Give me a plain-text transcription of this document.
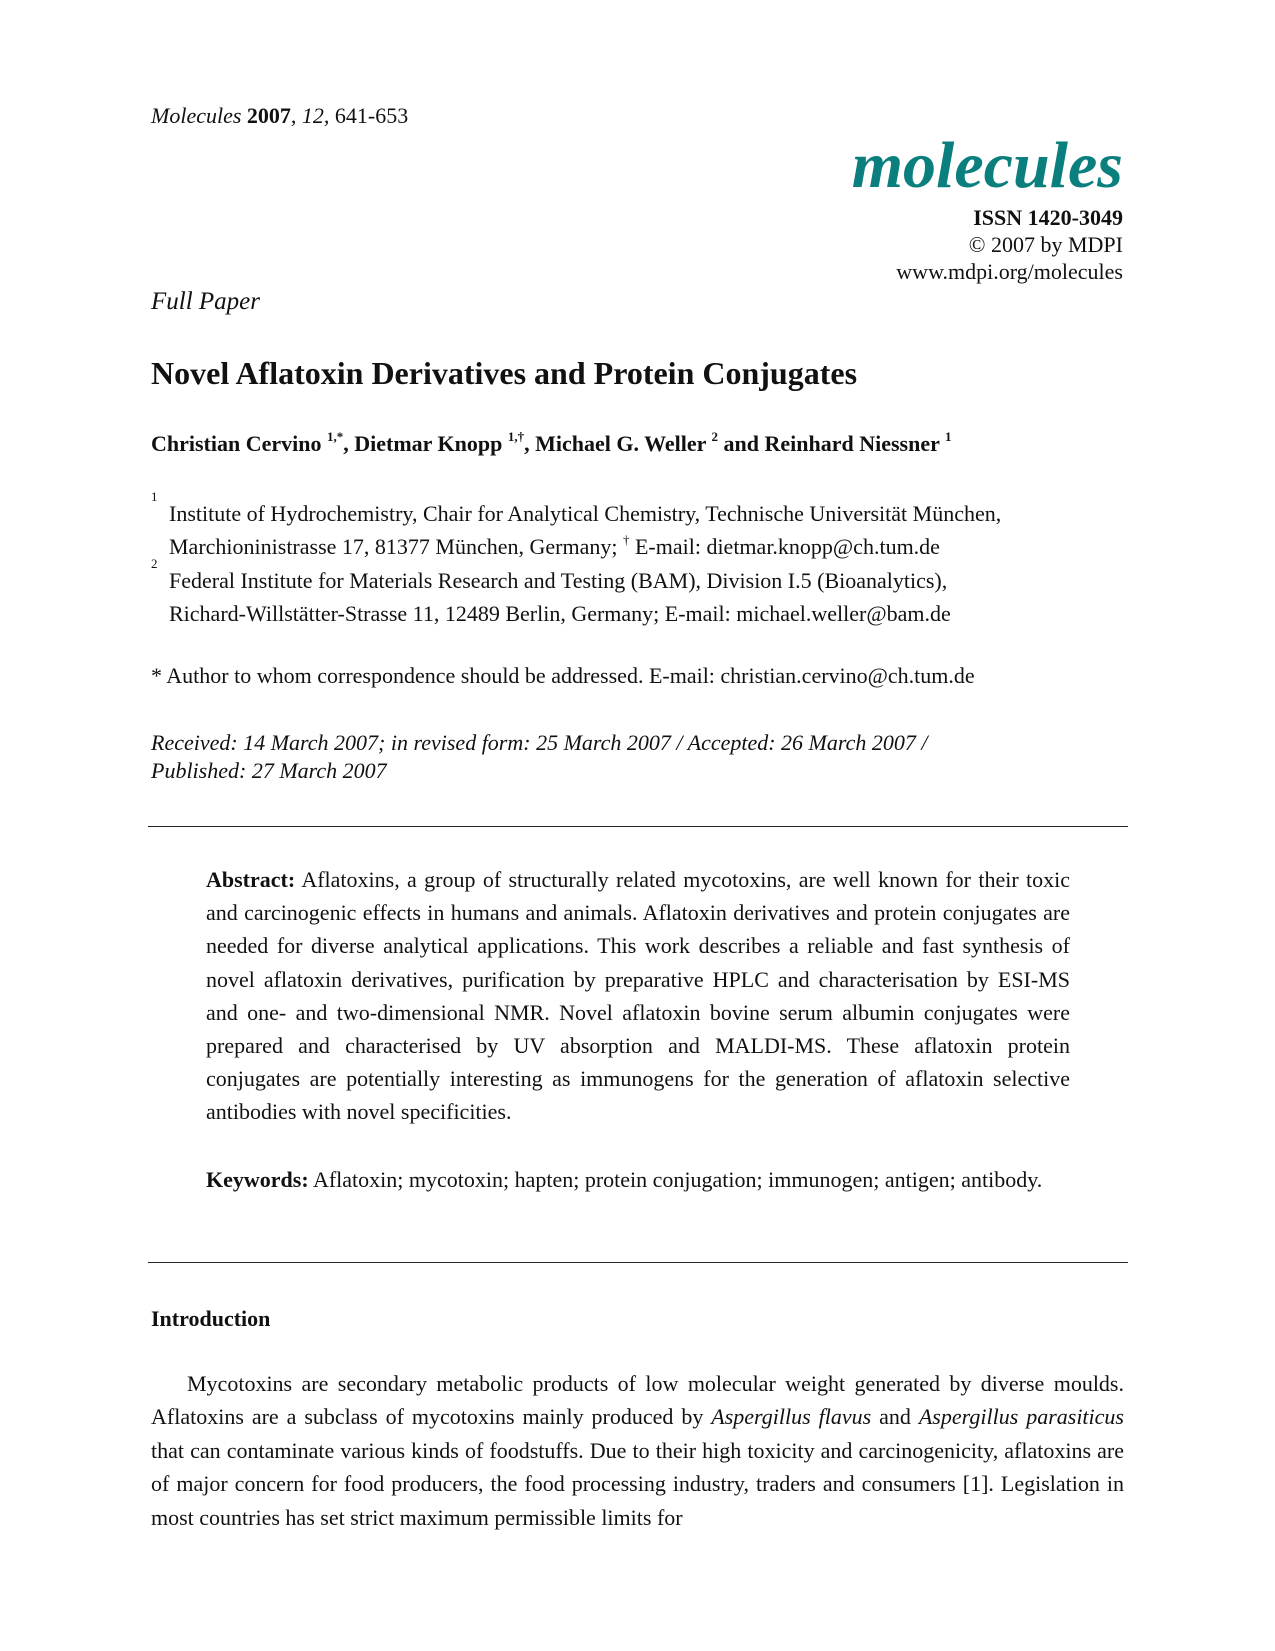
Molecules 2007, 12, 641-653
molecules
ISSN 1420-3049
© 2007 by MDPI
www.mdpi.org/molecules
Full Paper
Novel Aflatoxin Derivatives and Protein Conjugates
Christian Cervino $^{1,*}$, Dietmar Knopp $^{1,\dagger}$, Michael G. Weller $^2$ and Reinhard Niessner $^1$
1
Institute of Hydrochemistry, Chair for Analytical Chemistry, Technische Universität München,
Marchioninistrasse 17, 81377 München, Germany; † E-mail: dietmar.knopp@ch.tum.de
2
Federal Institute for Materials Research and Testing (BAM), Division I.5 (Bioanalytics),
Richard-Willstätter-Strasse 11, 12489 Berlin, Germany; E-mail: michael.weller@bam.de
* Author to whom correspondence should be addressed. E-mail: christian.cervino@ch.tum.de
Received: 14 March 2007; in revised form: 25 March 2007 / Accepted: 26 March 2007 /
Published: 27 March 2007

Abstract: Aflatoxins, a group of structurally related mycotoxins, are well known for their toxic and carcinogenic effects in humans and animals. Aflatoxin derivatives and protein conjugates are needed for diverse analytical applications. This work describes a reliable and fast synthesis of novel aflatoxin derivatives, purification by preparative HPLC and characterisation by ESI-MS and one- and two-dimensional NMR. Novel aflatoxin bovine serum albumin conjugates were prepared and characterised by UV absorption and MALDI-MS. These aflatoxin protein conjugates are potentially interesting as immunogens for the generation of aflatoxin selective antibodies with novel specificities.

Keywords: Aflatoxin; mycotoxin; hapten; protein conjugation; immunogen; antigen; antibody.

Introduction

Mycotoxins are secondary metabolic products of low molecular weight generated by diverse moulds. Aflatoxins are a subclass of mycotoxins mainly produced by Aspergillus flavus and Aspergillus parasiticus that can contaminate various kinds of foodstuffs. Due to their high toxicity and carcinogenicity, aflatoxins are of major concern for food producers, the food processing industry, traders and consumers [1]. Legislation in most countries has set strict maximum permissible limits for
